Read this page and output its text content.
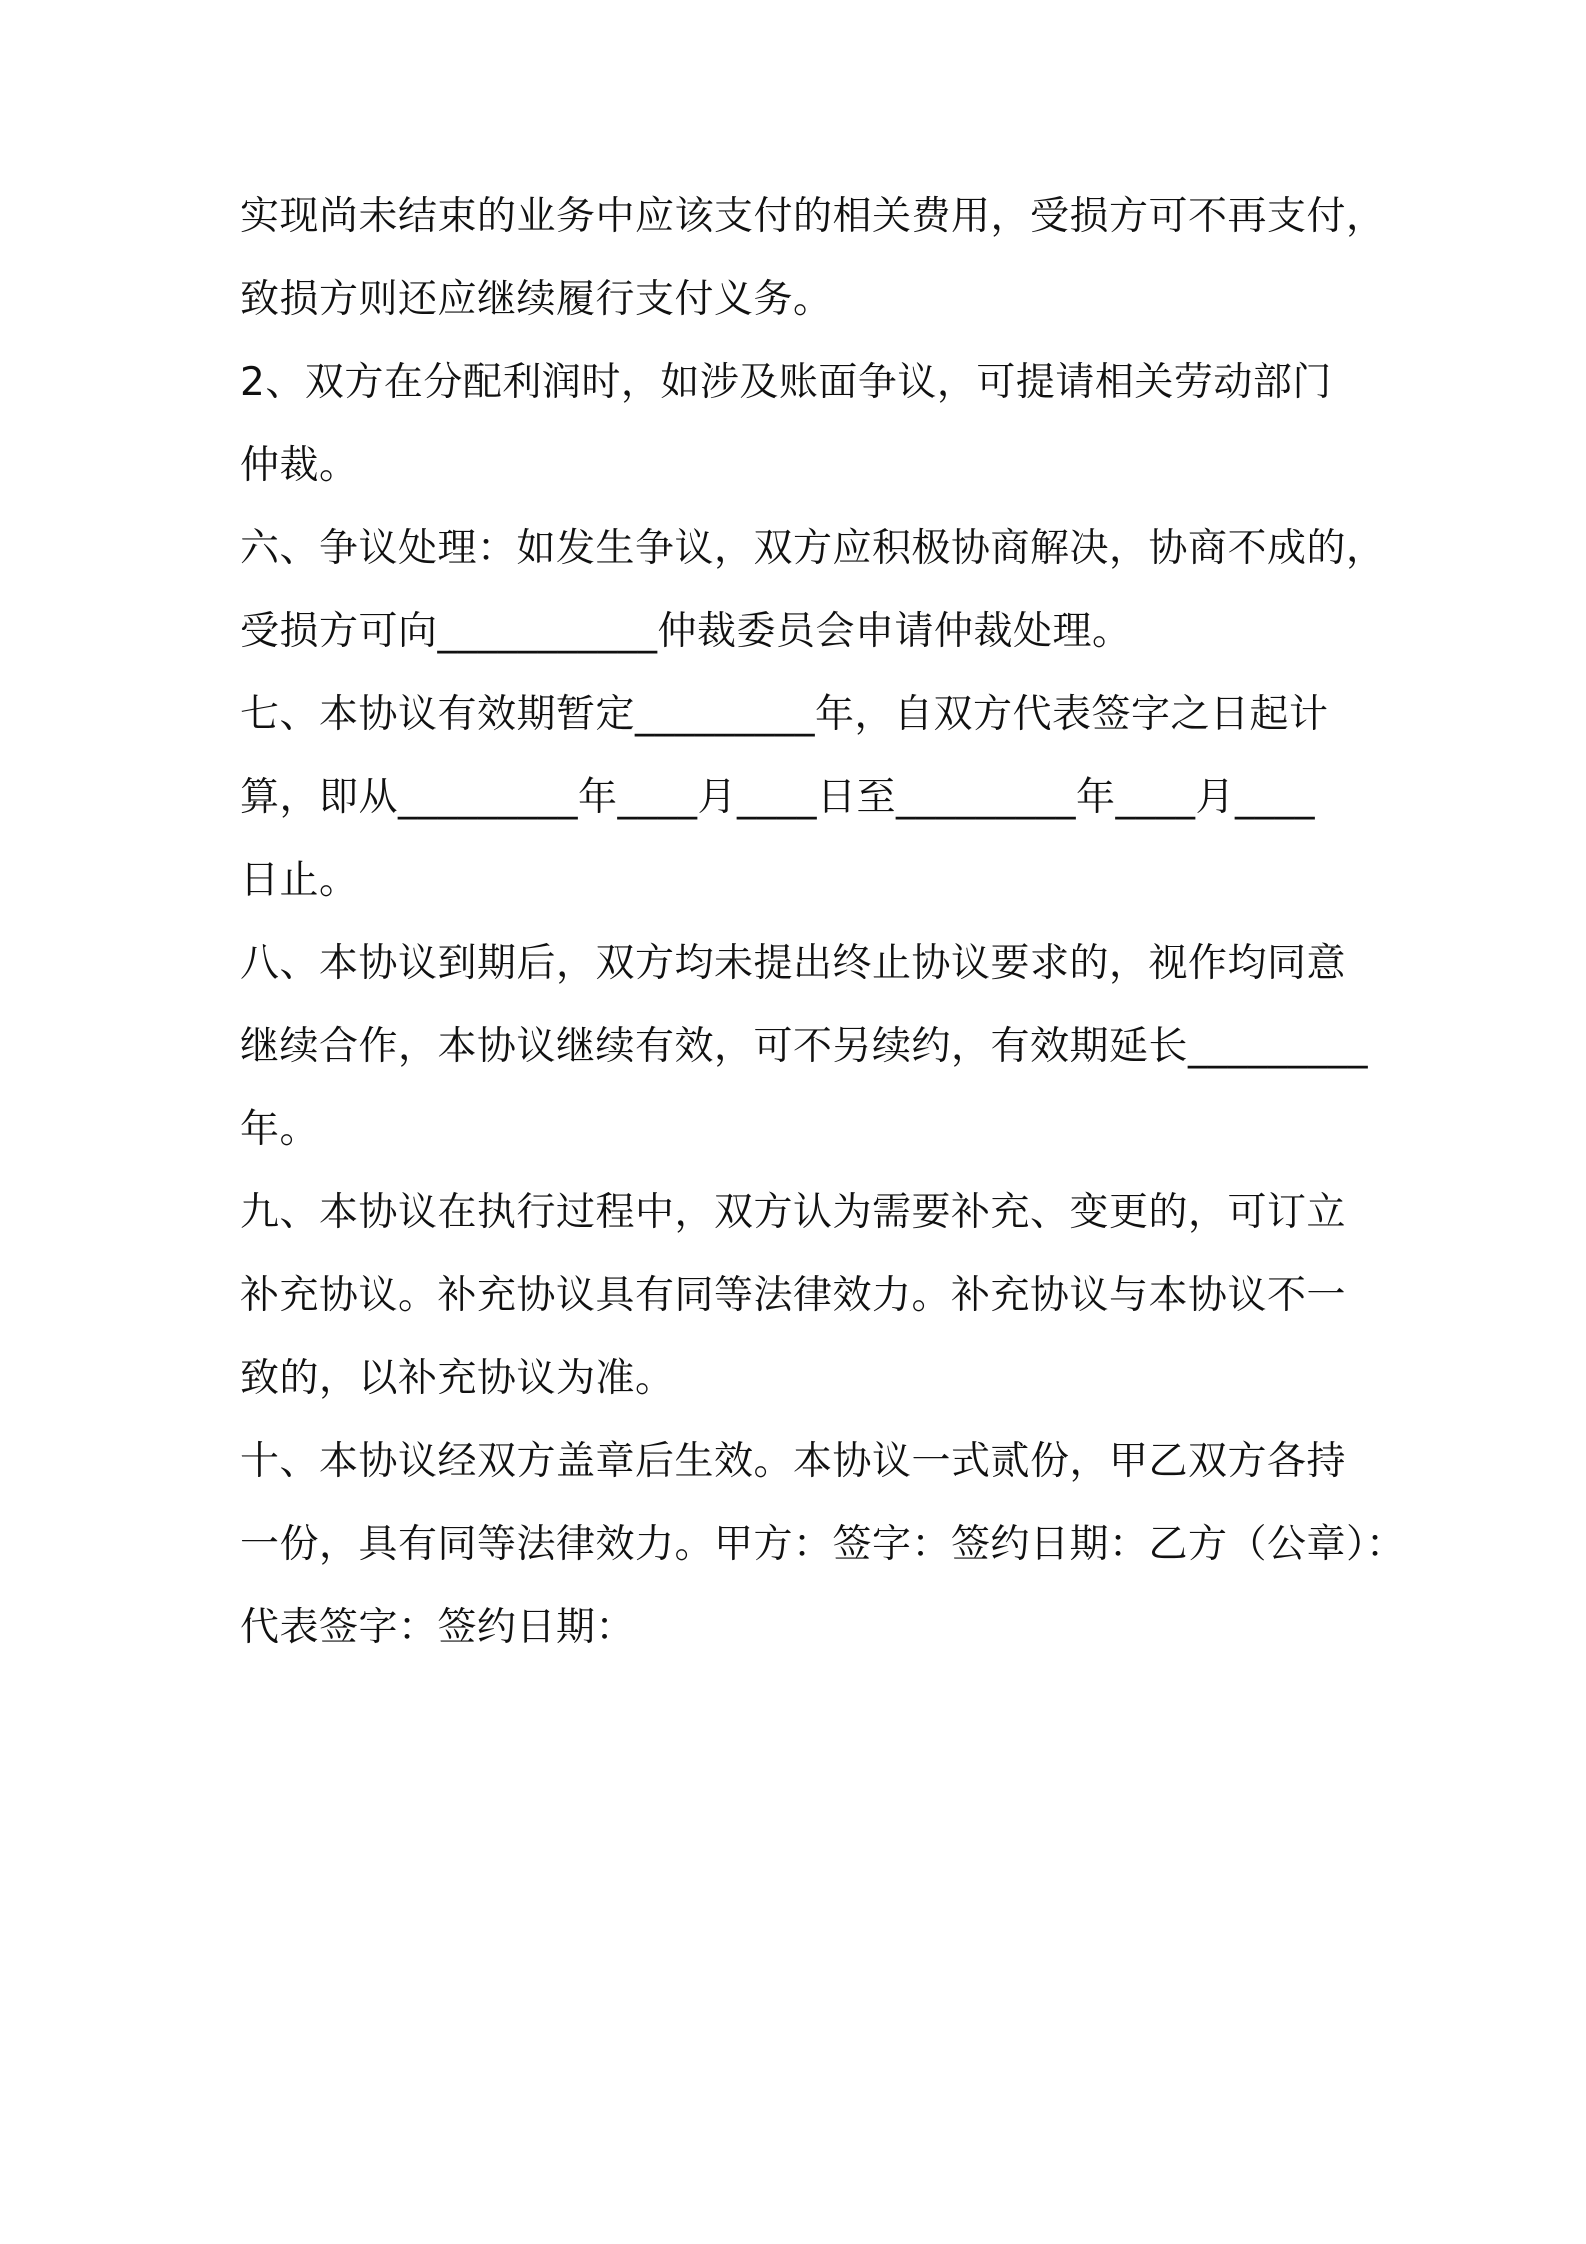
实现尚未结束的业务中应该支付的相关费用，受损方可不再支付，
致损方则还应继续履行支付义务。
2、双方在分配利润时，如涉及账面争议，可提请相关劳动部门
仲裁。
六、争议处理：如发生争议，双方应积极协商解决，协商不成的，
受损方可向___________仲裁委员会申请仲裁处理。
七、本协议有效期暂定_________年，自双方代表签字之日起计
算，即从_________年____月____日至_________年____月____
日止。
八、本协议到期后，双方均未提出终止协议要求的，视作均同意
继续合作，本协议继续有效，可不另续约，有效期延长_________
年。
九、本协议在执行过程中，双方认为需要补充、变更的，可订立
补充协议。补充协议具有同等法律效力。补充协议与本协议不一
致的，以补充协议为准。
十、本协议经双方盖章后生效。本协议一式贰份，甲乙双方各持
一份，具有同等法律效力。甲方：签字：签约日期：乙方（公章）：
代表签字：签约日期：
